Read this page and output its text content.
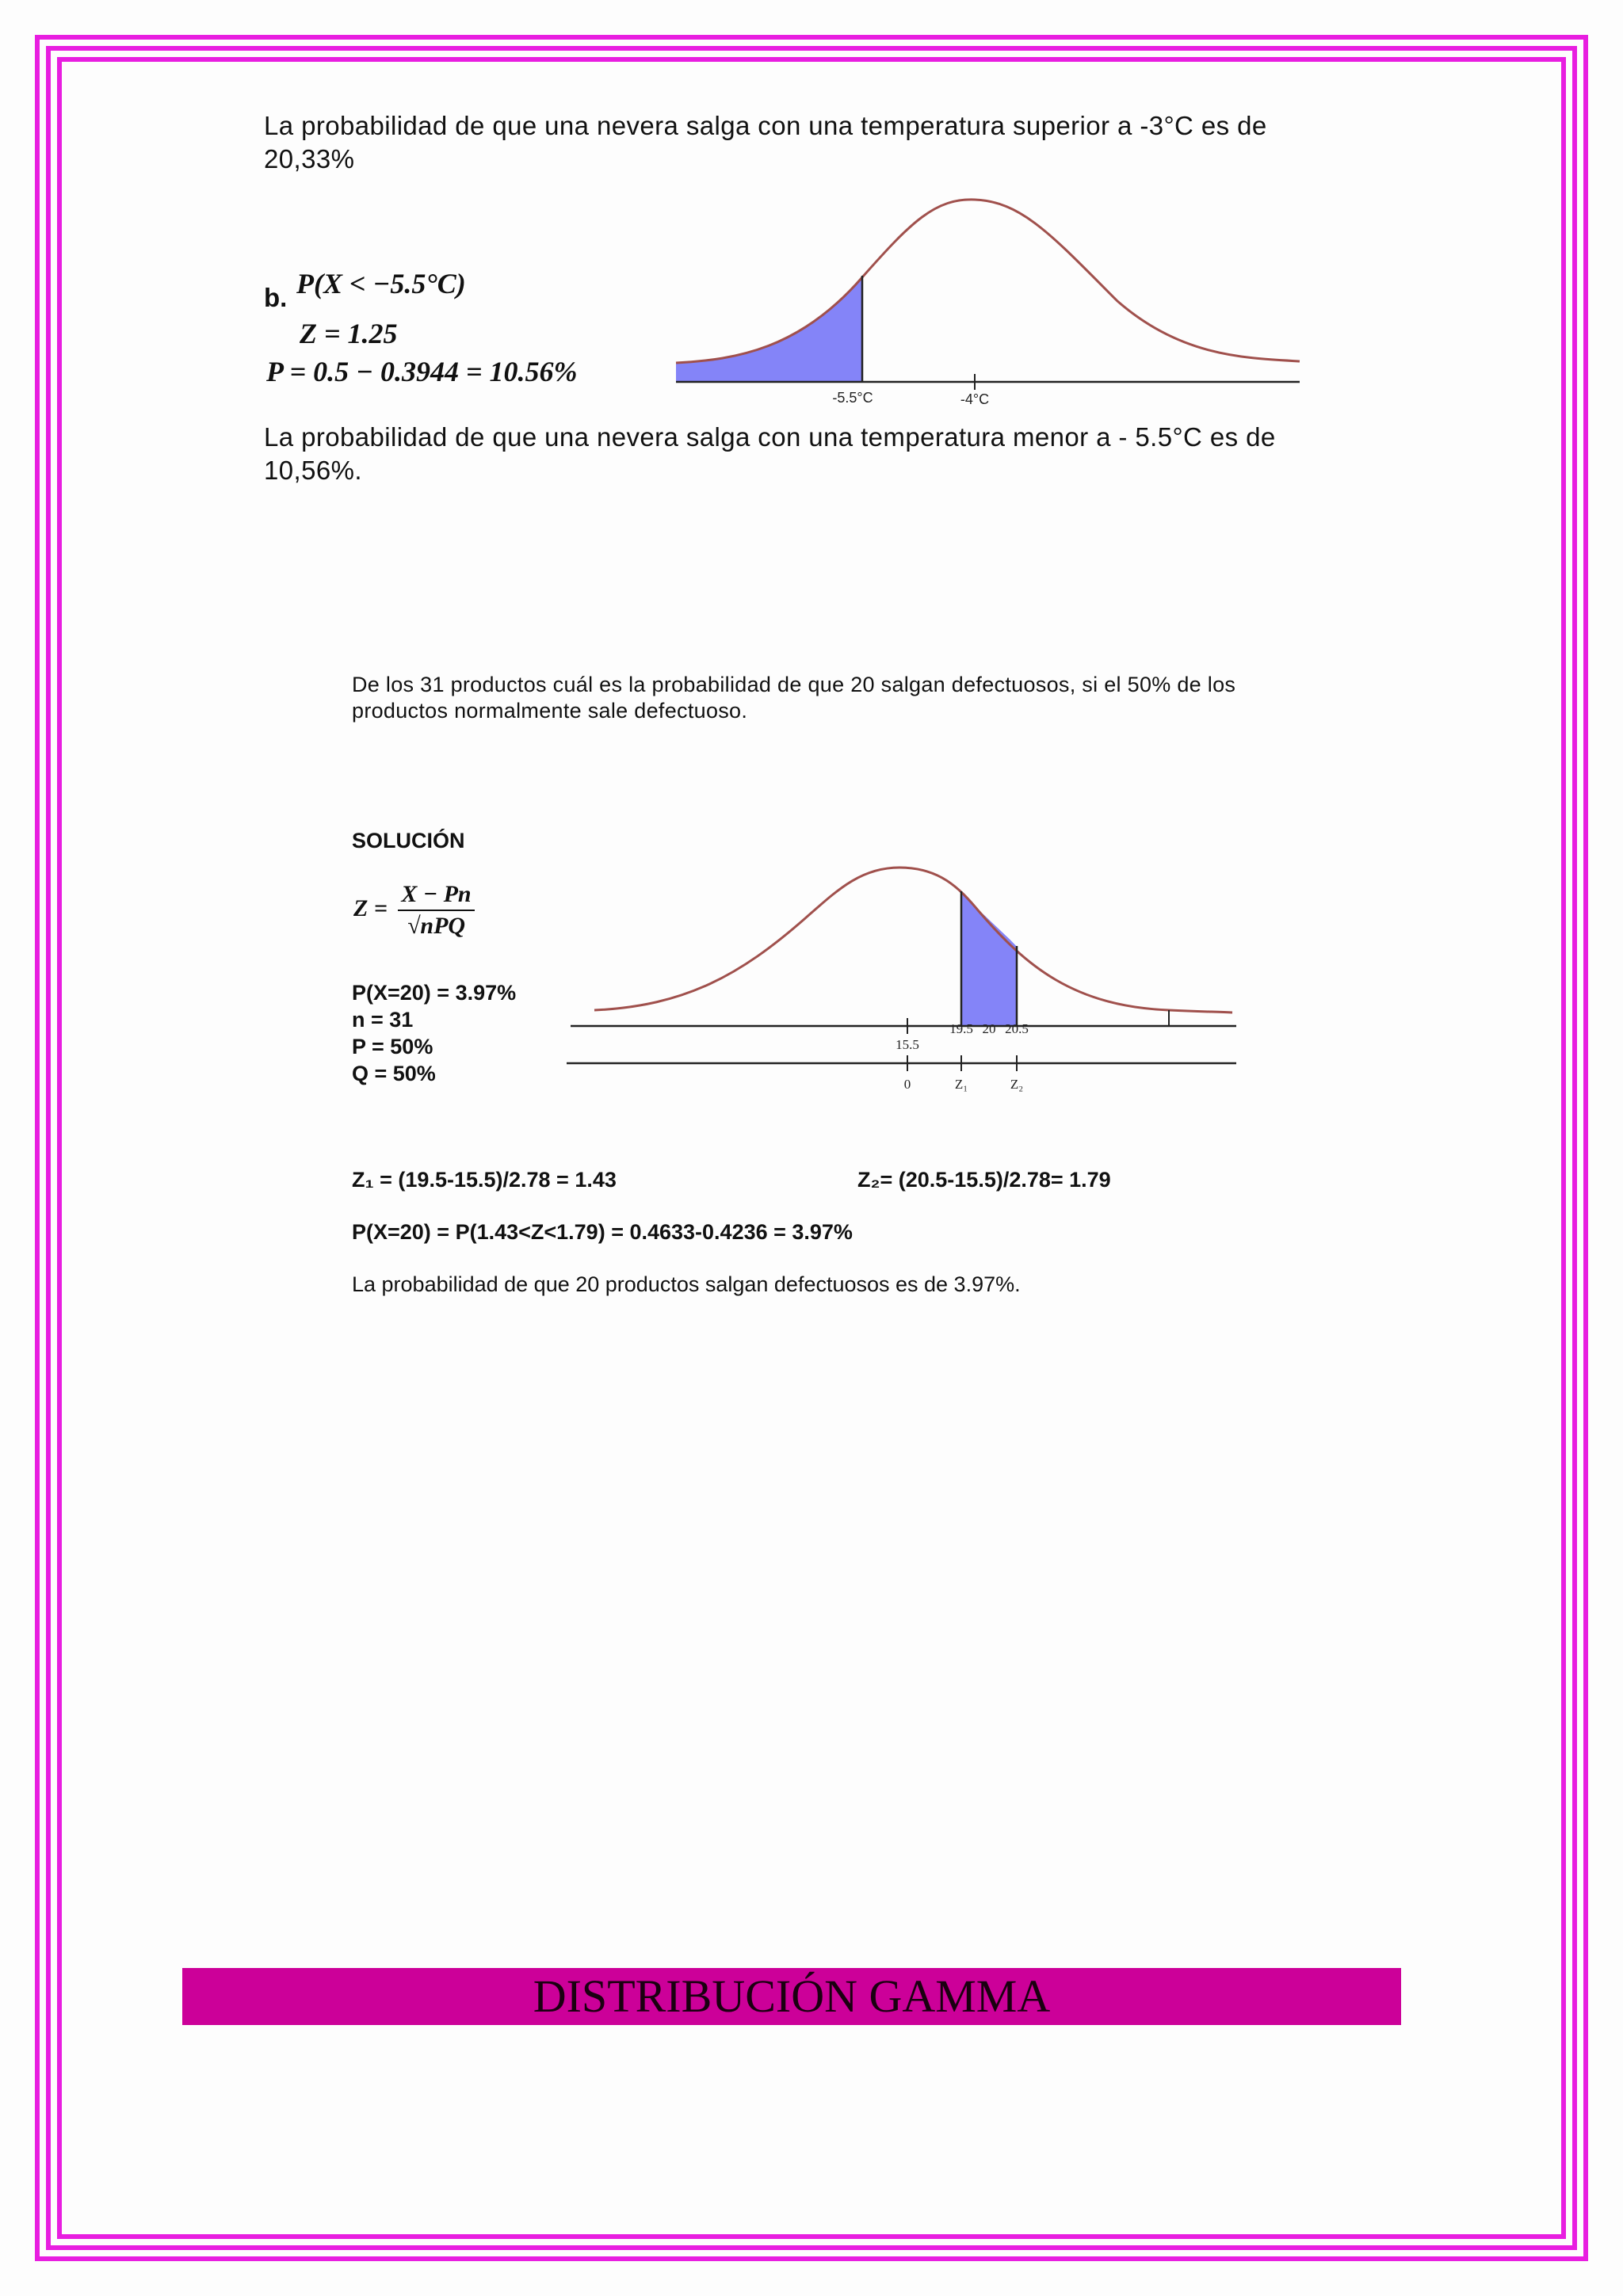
La probabilidad de que una nevera salga con una temperatura superior a -3°C es de 20,33%

b. P(X < −5.5°C)
Z = 1.25
P = 0.5 − 0.3944 = 10.56%
-5.5°C	-4°C

La probabilidad de que una nevera salga con una temperatura menor a - 5.5°C es de 10,56%.

De los 31 productos cuál es la probabilidad de que 20 salgan defectuosos, si el 50% de los productos normalmente sale defectuoso.

SOLUCIÓN
$Z = \frac{X - Pn}{\text{√nPQ}}$
P(X=20) = 3.97%
n = 31
P = 50%
Q = 50%
15.5
19.5 20 20.5
0	Z₁	Z₂
Z₁ = (19.5-15.5)/2.78 = 1.43	Z₂= (20.5-15.5)/2.78= 1.79
P(X=20) = P(1.43<Z<1.79) = 0.4633-0.4236 = 3.97%
La probabilidad de que 20 productos salgan defectuosos es de 3.97%.
DISTRIBUCIÓN GAMMA
